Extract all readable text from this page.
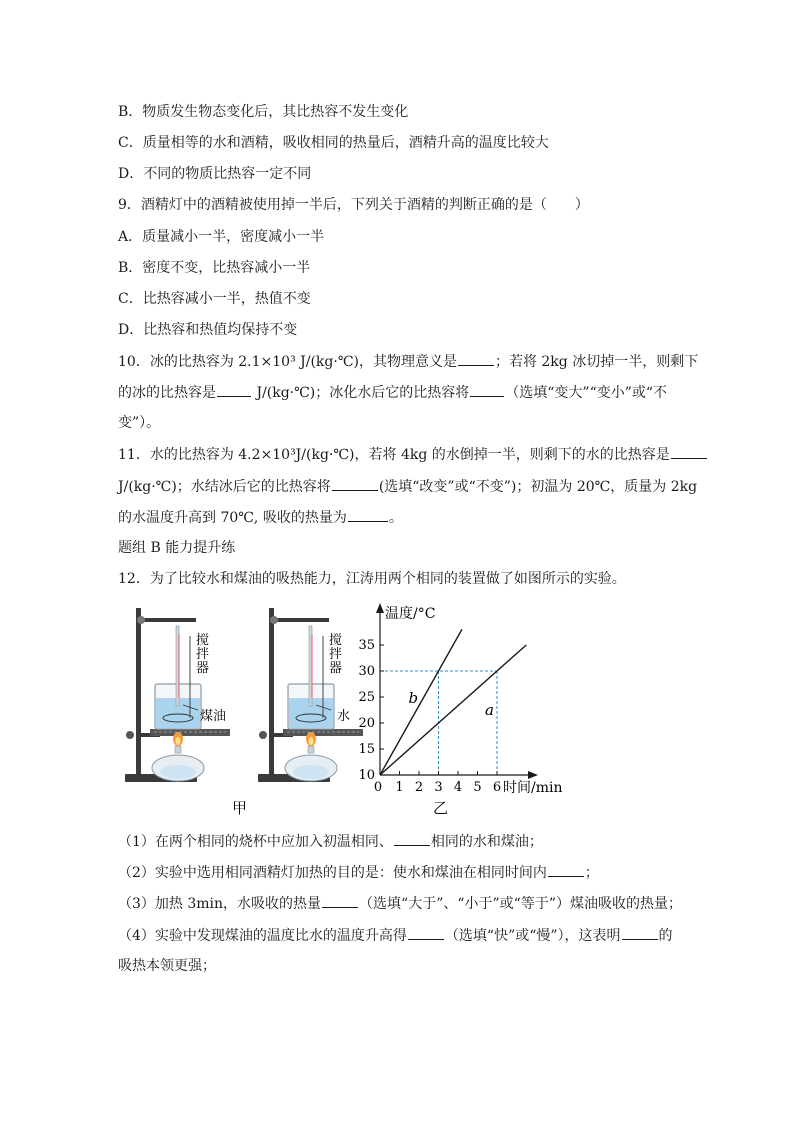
B．物质发生物态变化后，其比热容不发生变化
C．质量相等的水和酒精，吸收相同的热量后，酒精升高的温度比较大
D．不同的物质比热容一定不同
9．酒精灯中的酒精被使用掉一半后，下列关于酒精的判断正确的是（　　）
A．质量减小一半，密度减小一半
B．密度不变，比热容减小一半
C．比热容减小一半，热值不变
D．比热容和热值均保持不变
10．冰的比热容为 2.1×10³ J/(kg·℃)，其物理意义是	；若将 2kg 冰切掉一半，则剩下
的冰的比热容是	J/(kg·℃)；冰化水后它的比热容将	（选填“变大”“变小”或“不
变”）。
11．水的比热容为 4.2×10³J/(kg·℃)，若将 4kg 的水倒掉一半，则剩下的水的比热容是
J/(kg·℃)；水结冰后它的比热容将	(选填“改变”或“不变”)；初温为 20℃，质量为 2kg
的水温度升高到 70℃, 吸收的热量为	。
题组 B 能力提升练
12．为了比较水和煤油的吸热能力，江涛用两个相同的装置做了如图所示的实验。
搅
拌
器
煤油
甲
搅
拌
器
水
温度/°C
时间/min
0 1 2 3 4 5 6
10
15
20
25
30
35
b
a
乙
（1）在两个相同的烧杯中应加入初温相同、	相同的水和煤油；
（2）实验中选用相同酒精灯加热的目的是：使水和煤油在相同时间内	；
（3）加热 3min，水吸收的热量	（选填“大于”、“小于”或“等于”）煤油吸收的热量；
（4）实验中发现煤油的温度比水的温度升高得	（选填“快”或“慢”），这表明	的
吸热本领更强；
